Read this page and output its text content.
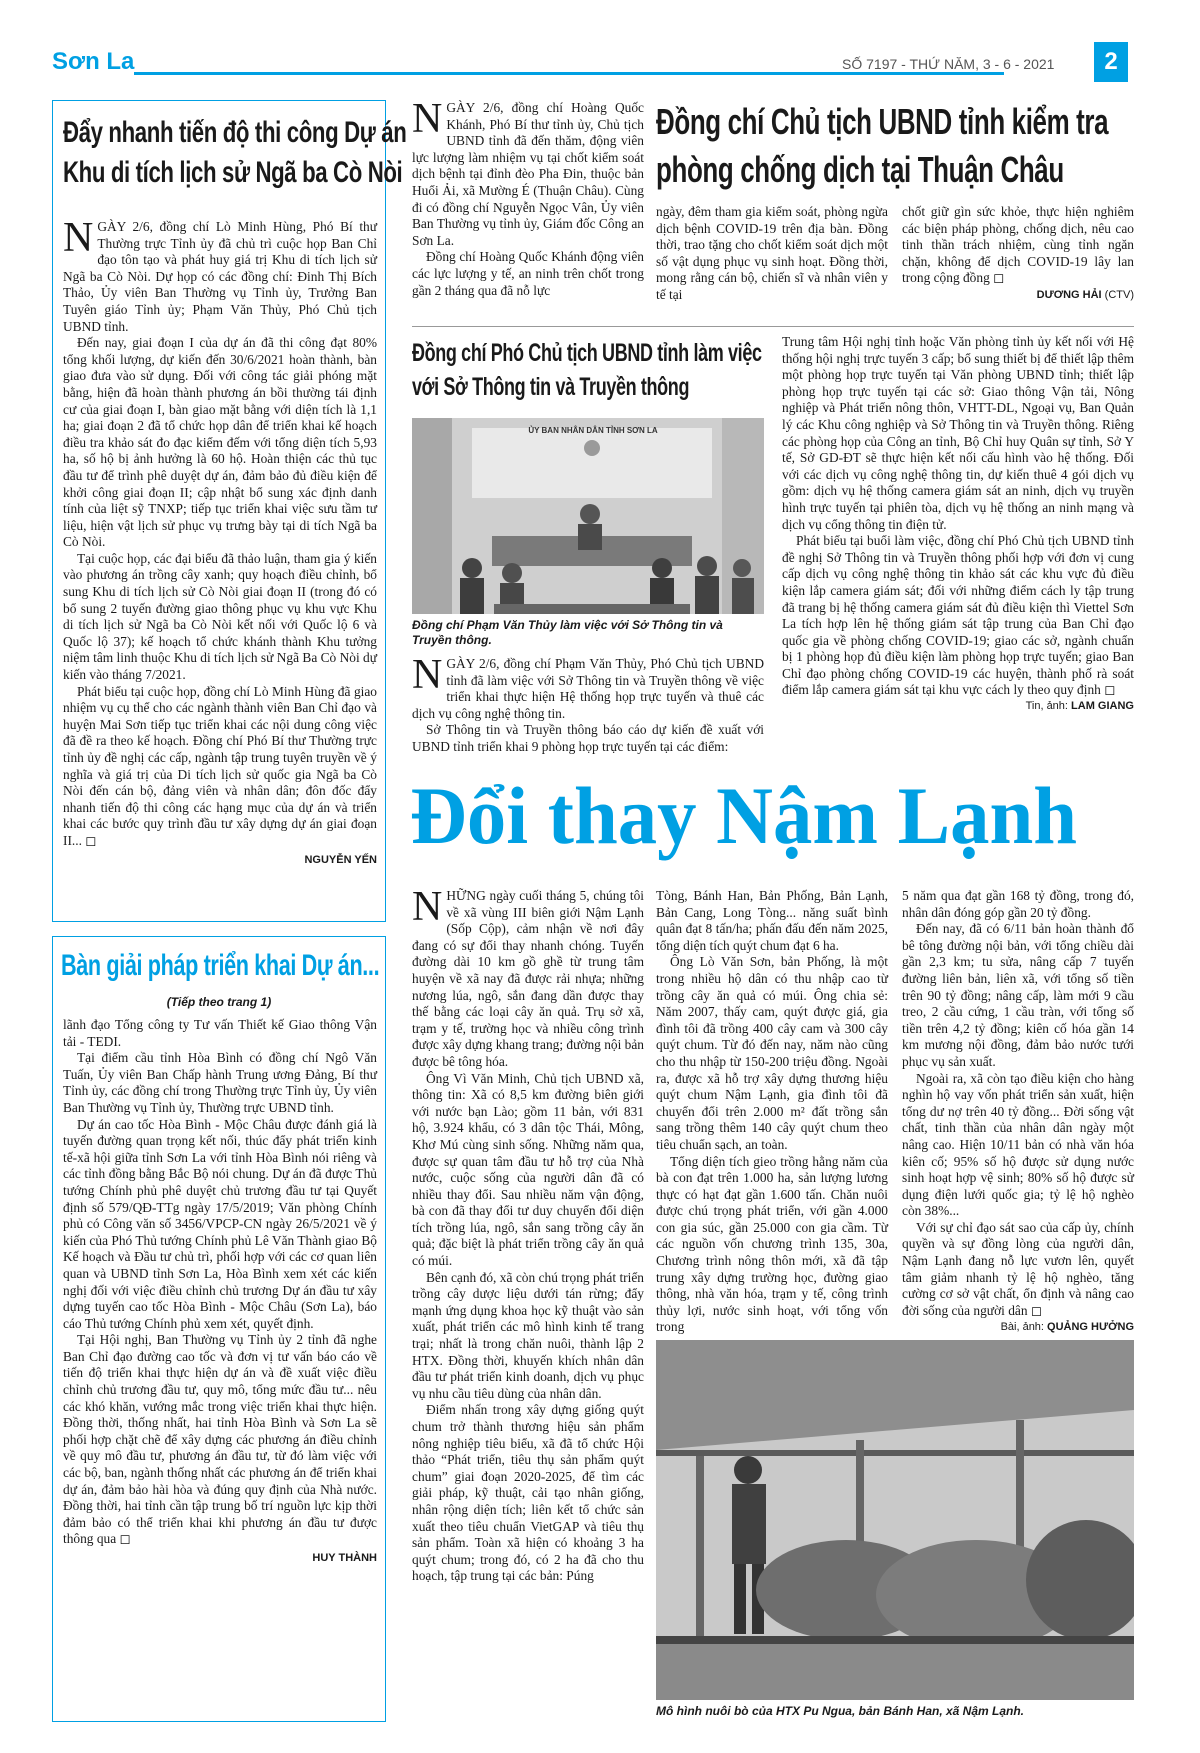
Sơn La	SỐ 7197 - THỨ NĂM, 3 - 6 - 2021	2
Đẩy nhanh tiến độ thi công Dự án
Khu di tích lịch sử Ngã ba Cò Nòi

NGÀY 2/6, đồng chí Lò Minh Hùng, Phó Bí thư Thường trực Tỉnh ủy đã chủ trì cuộc họp Ban Chỉ đạo tôn tạo và phát huy giá trị Khu di tích lịch sử Ngã ba Cò Nòi. Dự họp có các đồng chí: Đinh Thị Bích Thảo, Ủy viên Ban Thường vụ Tỉnh ủy, Trưởng Ban Tuyên giáo Tỉnh ủy; Phạm Văn Thủy, Phó Chủ tịch UBND tỉnh.

Đến nay, giai đoạn I của dự án đã thi công đạt 80% tổng khối lượng, dự kiến đến 30/6/2021 hoàn thành, bàn giao đưa vào sử dụng. Đối với công tác giải phóng mặt bằng, hiện đã hoàn thành phương án bồi thường tái định cư của giai đoạn I, bàn giao mặt bằng với diện tích là 1,1 ha; giai đoạn 2 đã tổ chức họp dân để triển khai kế hoạch điều tra khảo sát đo đạc kiểm đếm với tổng diện tích 5,93 ha, số hộ bị ảnh hưởng là 60 hộ. Hoàn thiện các thủ tục đầu tư để trình phê duyệt dự án, đảm bảo đủ điều kiện để khởi công giai đoạn II; cập nhật bổ sung xác định danh tính của liệt sỹ TNXP; tiếp tục triển khai việc sưu tầm tư liệu, hiện vật lịch sử phục vụ trưng bày tại di tích Ngã ba Cò Nòi.

Tại cuộc họp, các đại biểu đã thảo luận, tham gia ý kiến vào phương án trồng cây xanh; quy hoạch điều chỉnh, bổ sung Khu di tích lịch sử Cò Nòi giai đoạn II (trong đó có bổ sung 2 tuyến đường giao thông phục vụ khu vực Khu di tích lịch sử Ngã ba Cò Nòi kết nối với Quốc lộ 6 và Quốc lộ 37); kế hoạch tổ chức khánh thành Khu tưởng niệm tâm linh thuộc Khu di tích lịch sử Ngã Ba Cò Nòi dự kiến vào tháng 7/2021.

Phát biểu tại cuộc họp, đồng chí Lò Minh Hùng đã giao nhiệm vụ cụ thể cho các ngành thành viên Ban Chỉ đạo và huyện Mai Sơn tiếp tục triển khai các nội dung công việc đã đề ra theo kế hoạch. Đồng chí Phó Bí thư Thường trực tỉnh ủy đề nghị các cấp, ngành tập trung tuyên truyền về ý nghĩa và giá trị của Di tích lịch sử quốc gia Ngã ba Cò Nòi đến cán bộ, đảng viên và nhân dân; đôn đốc đẩy nhanh tiến độ thi công các hạng mục của dự án và triển khai các bước quy trình đầu tư xây dựng dự án giai đoạn II... ◻

NGUYỄN YẾN
Bàn giải pháp triển khai Dự án...
(Tiếp theo trang 1)

lãnh đạo Tổng công ty Tư vấn Thiết kế Giao thông Vận tải - TEDI.

Tại điểm cầu tỉnh Hòa Bình có đồng chí Ngô Văn Tuấn, Ủy viên Ban Chấp hành Trung ương Đảng, Bí thư Tỉnh ủy, các đồng chí trong Thường trực Tỉnh ủy, Ủy viên Ban Thường vụ Tỉnh ủy, Thường trực UBND tỉnh.

Dự án cao tốc Hòa Bình - Mộc Châu được đánh giá là tuyến đường quan trọng kết nối, thúc đẩy phát triển kinh tế-xã hội giữa tỉnh Sơn La với tỉnh Hòa Bình nói riêng và các tỉnh đồng bằng Bắc Bộ nói chung. Dự án đã được Thủ tướng Chính phủ phê duyệt chủ trương đầu tư tại Quyết định số 579/QĐ-TTg ngày 17/5/2019; Văn phòng Chính phủ có Công văn số 3456/VPCP-CN ngày 26/5/2021 về ý kiến của Phó Thủ tướng Chính phủ Lê Văn Thành giao Bộ Kế hoạch và Đầu tư chủ trì, phối hợp với các cơ quan liên quan và UBND tỉnh Sơn La, Hòa Bình xem xét các kiến nghị đối với việc điều chỉnh chủ trương Dự án đầu tư xây dựng tuyến cao tốc Hòa Bình - Mộc Châu (Sơn La), báo cáo Thủ tướng Chính phủ xem xét, quyết định.

Tại Hội nghị, Ban Thường vụ Tỉnh ủy 2 tỉnh đã nghe Ban Chỉ đạo đường cao tốc và đơn vị tư vấn báo cáo về tiến độ triển khai thực hiện dự án và đề xuất việc điều chỉnh chủ trương đầu tư, quy mô, tổng mức đầu tư... nêu các khó khăn, vướng mắc trong việc triển khai thực hiện. Đồng thời, thống nhất, hai tỉnh Hòa Bình và Sơn La sẽ phối hợp chặt chẽ để xây dựng các phương án điều chỉnh về quy mô đầu tư, phương án đầu tư, từ đó làm việc với các bộ, ban, ngành thống nhất các phương án để triển khai dự án, đảm bảo hài hòa và đúng quy định của Nhà nước. Đồng thời, hai tỉnh cần tập trung bố trí nguồn lực kịp thời đảm bảo có thể triển khai khi phương án đầu tư được thông qua ◻

HUY THÀNH

NGÀY 2/6, đồng chí Hoàng Quốc Khánh, Phó Bí thư tỉnh ủy, Chủ tịch UBND tỉnh đã đến thăm, động viên lực lượng làm nhiệm vụ tại chốt kiểm soát dịch bệnh tại đỉnh đèo Pha Đin, thuộc bản Huổi Ải, xã Mường É (Thuận Châu). Cùng đi có đồng chí Nguyễn Ngọc Vân, Ủy viên Ban Thường vụ tỉnh ủy, Giám đốc Công an Sơn La.

Đồng chí Hoàng Quốc Khánh động viên các lực lượng y tế, an ninh trên chốt trong gần 2 tháng qua đã nỗ lực

Đồng chí Chủ tịch UBND tỉnh kiểm tra
phòng chống dịch tại Thuận Châu

ngày, đêm tham gia kiểm soát, phòng ngừa dịch bệnh COVID-19 trên địa bàn. Đồng thời, trao tặng cho chốt kiểm soát dịch một số vật dụng phục vụ sinh hoạt. Đồng thời, mong rằng cán bộ, chiến sĩ và nhân viên y tế tại

chốt giữ gìn sức khỏe, thực hiện nghiêm các biện pháp phòng, chống dịch, nêu cao tinh thần trách nhiệm, cùng tỉnh ngăn chặn, không để dịch COVID-19 lây lan trong cộng đồng ◻

DƯƠNG HẢI (CTV)
Đồng chí Phó Chủ tịch UBND tỉnh làm việc
với Sở Thông tin và Truyền thông
ỦY BAN NHÂN DÂN TỈNH SƠN LA
Đồng chí Phạm Văn Thủy làm việc với Sở Thông tin và Truyền thông.

NGÀY 2/6, đồng chí Phạm Văn Thủy, Phó Chủ tịch UBND tỉnh đã làm việc với Sở Thông tin và Truyền thông về việc triển khai thực hiện Hệ thống họp trực tuyến và thuê các dịch vụ công nghệ thông tin.

Sở Thông tin và Truyền thông báo cáo dự kiến đề xuất với UBND tỉnh triển khai 9 phòng họp trực tuyến tại các điểm:

Trung tâm Hội nghị tỉnh hoặc Văn phòng tỉnh ủy kết nối với Hệ thống hội nghị trực tuyến 3 cấp; bổ sung thiết bị để thiết lập thêm một phòng họp trực tuyến tại Văn phòng UBND tỉnh; thiết lập phòng họp trực tuyến tại các sở: Giao thông Vận tải, Nông nghiệp và Phát triển nông thôn, VHTT-DL, Ngoại vụ, Ban Quản lý các Khu công nghiệp và Sở Thông tin và Truyền thông. Riêng các phòng họp của Công an tỉnh, Bộ Chỉ huy Quân sự tỉnh, Sở Y tế, Sở GD-ĐT sẽ thực hiện kết nối cấu hình vào hệ thống. Đối với các dịch vụ công nghệ thông tin, dự kiến thuê 4 gói dịch vụ gồm: dịch vụ hệ thống camera giám sát an ninh, dịch vụ truyền hình trực tuyến tại phiên tòa, dịch vụ hệ thống an ninh mạng và dịch vụ cổng thông tin điện tử.

Phát biểu tại buổi làm việc, đồng chí Phó Chủ tịch UBND tỉnh đề nghị Sở Thông tin và Truyền thông phối hợp với đơn vị cung cấp dịch vụ công nghệ thông tin khảo sát các khu vực đủ điều kiện lắp camera giám sát; đối với những điểm cách ly tập trung đã trang bị hệ thống camera giám sát đủ điều kiện thì Viettel Sơn La tích hợp lên hệ thống giám sát tập trung của Ban Chỉ đạo quốc gia về phòng chống COVID-19; giao các sở, ngành chuẩn bị 1 phòng họp đủ điều kiện làm phòng họp trực tuyến; giao Ban Chỉ đạo phòng chống COVID-19 các huyện, thành phố rà soát điểm lắp camera giám sát tại khu vực cách ly theo quy định ◻

Tin, ảnh: LAM GIANG
Đổi thay Nậm Lạnh

NHỮNG ngày cuối tháng 5, chúng tôi về xã vùng III biên giới Nậm Lạnh (Sốp Cộp), cảm nhận về nơi đây đang có sự đổi thay nhanh chóng. Tuyến đường dài 10 km gồ ghề từ trung tâm huyện về xã nay đã được rải nhựa; những nương lúa, ngô, sắn đang dần được thay thế bằng các loại cây ăn quả. Trụ sở xã, trạm y tế, trường học và nhiều công trình được xây dựng khang trang; đường nội bản được bê tông hóa.

Ông Vì Văn Minh, Chủ tịch UBND xã, thông tin: Xã có 8,5 km đường biên giới với nước bạn Lào; gồm 11 bản, với 831 hộ, 3.924 khẩu, có 3 dân tộc Thái, Mông, Khơ Mú cùng sinh sống. Những năm qua, được sự quan tâm đầu tư hỗ trợ của Nhà nước, cuộc sống của người dân đã có nhiều thay đổi. Sau nhiều năm vận động, bà con đã thay đổi tư duy chuyển đổi diện tích trồng lúa, ngô, sắn sang trồng cây ăn quả; đặc biệt là phát triển trồng cây ăn quả có múi.

Bên cạnh đó, xã còn chú trọng phát triển trồng cây dược liệu dưới tán rừng; đẩy mạnh ứng dụng khoa học kỹ thuật vào sản xuất, phát triển các mô hình kinh tế trang trại; nhất là trong chăn nuôi, thành lập 2 HTX. Đồng thời, khuyến khích nhân dân đầu tư phát triển kinh doanh, dịch vụ phục vụ nhu cầu tiêu dùng của nhân dân.

Điểm nhấn trong xây dựng giống quýt chum trở thành thương hiệu sản phẩm nông nghiệp tiêu biểu, xã đã tổ chức Hội thảo “Phát triển, tiêu thụ sản phẩm quýt chum” giai đoạn 2020-2025, để tìm các giải pháp, kỹ thuật, cải tạo nhân giống, nhân rộng diện tích; liên kết tổ chức sản xuất theo tiêu chuẩn VietGAP và tiêu thụ sản phẩm. Toàn xã hiện có khoảng 3 ha quýt chum; trong đó, có 2 ha đã cho thu hoạch, tập trung tại các bản: Púng

Tòng, Bánh Han, Bản Phống, Bản Lạnh, Bản Cang, Long Tòng... năng suất bình quân đạt 8 tấn/ha; phấn đấu đến năm 2025, tổng diện tích quýt chum đạt 6 ha.

Ông Lò Văn Sơn, bản Phống, là một trong nhiều hộ dân có thu nhập cao từ trồng cây ăn quả có múi. Ông chia sẻ: Năm 2007, thấy cam, quýt được giá, gia đình tôi đã trồng 400 cây cam và 300 cây quýt chum. Từ đó đến nay, năm nào cũng cho thu nhập từ 150-200 triệu đồng. Ngoài ra, được xã hỗ trợ xây dựng thương hiệu quýt chum Nậm Lạnh, gia đình tôi đã chuyển đổi trên 2.000 m² đất trồng sắn sang trồng thêm 140 cây quýt chum theo tiêu chuẩn sạch, an toàn.

Tổng diện tích gieo trồng hằng năm của bà con đạt trên 1.000 ha, sản lượng lương thực có hạt đạt gần 1.600 tấn. Chăn nuôi được chú trọng phát triển, với gần 4.000 con gia súc, gần 25.000 con gia cầm. Từ các nguồn vốn chương trình 135, 30a, Chương trình nông thôn mới, xã đã tập trung xây dựng trường học, đường giao thông, nhà văn hóa, trạm y tế, công trình thủy lợi, nước sinh hoạt, với tổng vốn trong

5 năm qua đạt gần 168 tỷ đồng, trong đó, nhân dân đóng góp gần 20 tỷ đồng.

Đến nay, đã có 6/11 bản hoàn thành đổ bê tông đường nội bản, với tổng chiều dài gần 2,3 km; tu sửa, nâng cấp 7 tuyến đường liên bản, liên xã, với tổng số tiền trên 90 tỷ đồng; nâng cấp, làm mới 9 cầu treo, 2 cầu cứng, 1 cầu tràn, với tổng số tiền trên 4,2 tỷ đồng; kiên cố hóa gần 14 km mương nội đồng, đảm bảo nước tưới phục vụ sản xuất.

Ngoài ra, xã còn tạo điều kiện cho hàng nghìn hộ vay vốn phát triển sản xuất, hiện tổng dư nợ trên 40 tỷ đồng... Đời sống vật chất, tinh thần của nhân dân ngày một nâng cao. Hiện 10/11 bản có nhà văn hóa kiên cố; 95% số hộ được sử dụng nước sinh hoạt hợp vệ sinh; 80% số hộ được sử dụng điện lưới quốc gia; tỷ lệ hộ nghèo còn 38%...

Với sự chỉ đạo sát sao của cấp ủy, chính quyền và sự đồng lòng của người dân, Nậm Lạnh đang nỗ lực vươn lên, quyết tâm giảm nhanh tỷ lệ hộ nghèo, tăng cường cơ sở vật chất, ổn định và nâng cao đời sống của người dân ◻

Bài, ảnh: QUẢNG HƯỞNG
Mô hình nuôi bò của HTX Pu Ngua, bản Bánh Han, xã Nậm Lạnh.
